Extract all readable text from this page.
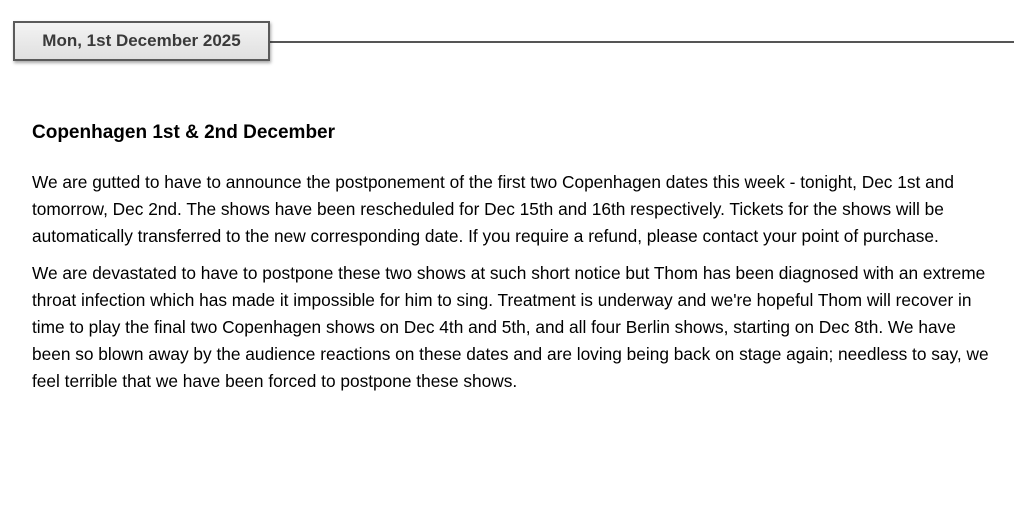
Mon, 1st December 2025
Copenhagen 1st & 2nd December

We are gutted to have to announce the postponement of the first two Copenhagen dates this week - tonight, Dec 1st and tomorrow, Dec 2nd. The shows have been rescheduled for Dec 15th and 16th respectively. Tickets for the shows will be automatically transferred to the new corresponding date. If you require a refund, please contact your point of purchase.

We are devastated to have to postpone these two shows at such short notice but Thom has been diagnosed with an extreme throat infection which has made it impossible for him to sing. Treatment is underway and we're hopeful Thom will recover in time to play the final two Copenhagen shows on Dec 4th and 5th, and all four Berlin shows, starting on Dec 8th. We have been so blown away by the audience reactions on these dates and are loving being back on stage again; needless to say, we feel terrible that we have been forced to postpone these shows.
